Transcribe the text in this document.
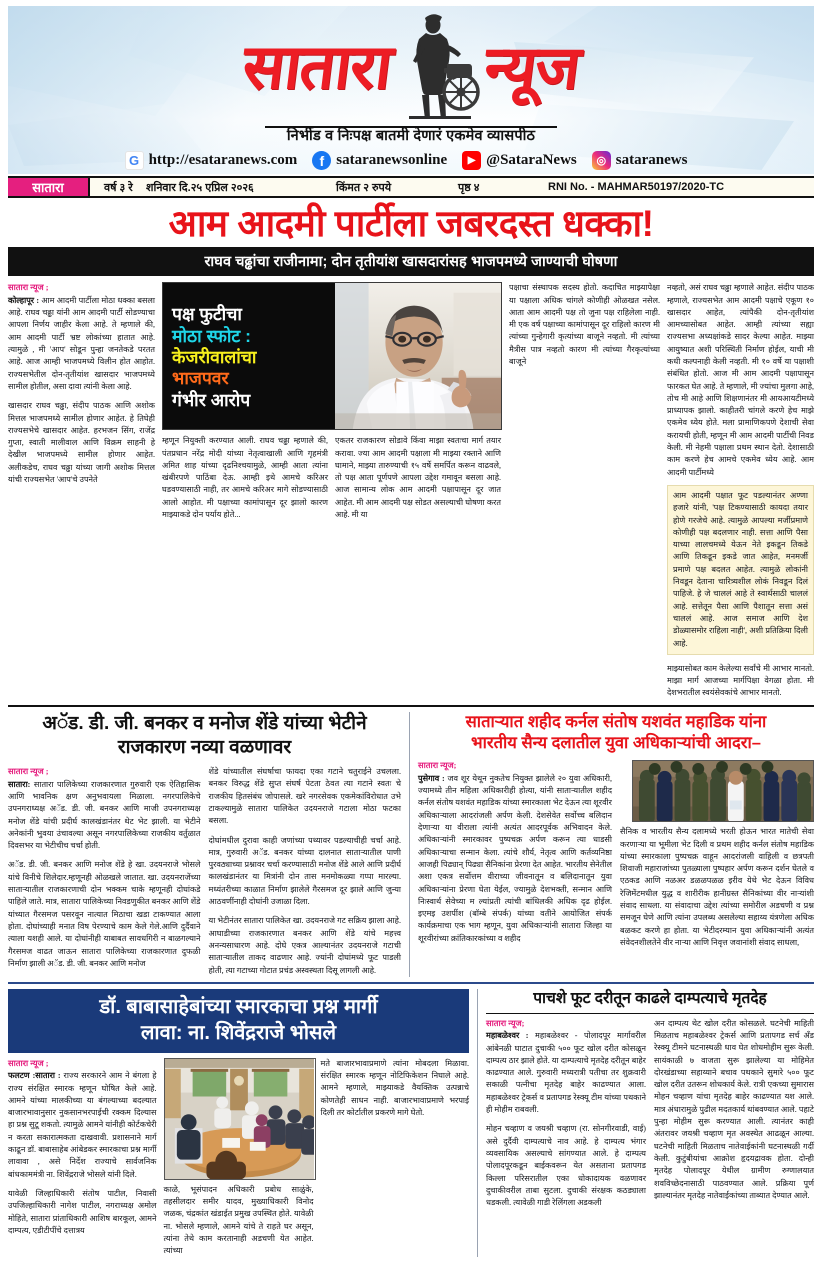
सातारा न्यूज
निर्भीड व निःपक्ष बातमी देणारं एकमेव व्यासपीठ
G http://esataranews.com	f sataranewsonline	▶ @SataraNews	◎ sataranews
सातारा	वर्ष ३ रे	शनिवार दि.२५ एप्रिल २०२६	किंमत २ रुपये	पृष्ठ ४	RNI No. - MAHMAR50197/2020-TC
आम आदमी पार्टीला जबरदस्त धक्का!
राघव चढ्ढांचा राजीनामा; दोन तृतीयांश खासदारांसह भाजपमध्ये जाण्याची घोषणा
सातारा न्यूज ;
कोल्हापूर : आम आदमी पार्टीला मोठा धक्का बसला आहे. राघव चढ्ढा यांनी आम आदमी पार्टी सोडण्याचा आपला निर्णय जाहीर केला आहे. ते म्हणाले की, आम आदमी पार्टी भ्रष्ट लोकांच्या हातात आहे. त्यामुळे , मी 'आप' सोडून पुन्हा जनतेकडे परतत आहे. आज आम्ही भाजपमध्ये विलीन होत आहोत. राज्यसभेतील दोन-तृतीयांश खासदार भाजपमध्ये सामील होतील, असा दावा त्यांनी केला आहे.
खासदार राघव चढ्ढा, संदीप पाठक आणि अशोक मित्तल भाजपमध्ये सामील होणार आहेत. हे तिघेही राज्यसभेचे खासदार आहेत. हरभजन सिंग, राजेंद्र गुप्ता, स्वाती मालीवाल आणि विक्रम साहनी हे देखील भाजपमध्ये सामील होणार आहेत. अलीकडेच, राघव चढ्ढा यांच्या जागी अशोक मित्तल यांची राज्यसभेत 'आप'चे उपनेते
पक्ष फुटीचा
मोठा स्फोट :
केजरीवालांचा
भाजपवर
गंभीर आरोप
म्हणून नियुक्ती करण्यात आली. राघव चढ्ढा म्हणाले की, पंतप्रधान नरेंद्र मोदी यांच्या नेतृत्वाखाली आणि गृहमंत्री अमित शाह यांच्या दृढनिश्चयामुळे, आम्ही आता त्यांना खंबीरपणे पाठिंबा देऊ. आम्ही इथे आमचे करिअर घडवण्यासाठी नाही, तर आमचे करिअर मागे सोडण्यासाठी आलो आहोत. मी पक्षाच्या कामांपासून दूर झालो कारण माझ्याकडे दोन पर्याय होते...
एकतर राजकारण सोडावे किंवा माझा स्वतःचा मार्ग तयार करावा. ज्या आम आदमी पक्षाला मी माझ्या रक्ताने आणि घामाने, माझ्या तारुण्याची १५ वर्षे समर्पित करून वाढवले, तो पक्ष आता पूर्णपणे आपला उद्देश गमावून बसला आहे. आज सामान्य लोक आम आदमी पक्षापासून दूर जात आहेत. मी आम आदमी पक्ष सोडत असल्याची घोषणा करत आहे. मी या
पक्षाचा संस्थापक सदस्य होतो. कदाचित माझ्यापेक्षा या पक्षाला अधिक चांगले कोणीही ओळखत नसेल. आता आम आदमी पक्ष तो जुना पक्ष राहिलेला नाही. मी एक वर्ष पक्षाच्या कामांपासून दूर राहिलो कारण मी त्यांच्या गुन्हेगारी कृत्यांच्या बाजूने नव्हतो. मी त्यांच्या मैत्रीस पात्र नव्हतो कारण मी त्यांच्या गैरकृत्यांच्या बाजूने
नव्हतो, असं राघव चढ्ढा म्हणाले आहेत. संदीप पाठक म्हणाले, राज्यसभेत आम आदमी पक्षाचे एकूण १० खासदार आहेत, त्यांपैकी दोन-तृतीयांश आमच्यासोबत आहेत. आम्ही त्यांच्या सह्या राज्यसभा अध्यक्षांकडे सादर केल्या आहेत. माझ्या आयुष्यात अशी परिस्थिती निर्माण होईल, याची मी कधी कल्पनाही केली नव्हती. मी १० वर्षे या पक्षाशी संबंधित होतो. आज मी आम आदमी पक्षापासून फारकत घेत आहे. ते म्हणाले, मी ज्यांचा मुलगा आहे, तोच मी आहे आणि शिक्षणानंतर मी आयआयटीमध्ये प्राध्यापक झालो. काहीतरी चांगले करणे हेच माझे एकमेव ध्येय होते. मला प्रामाणिकपणे देशाची सेवा करायची होती, म्हणून मी आम आदमी पार्टीची निवड केली. मी नेहमी पक्षाला प्रथम स्थान देतो. देशासाठी काम करणे हेच आमचे एकमेव ध्येय आहे. आम आदमी पार्टीमध्ये
आम आदमी पक्षात फूट पडल्यानंतर अण्णा हजारे यांनी, 'पक्ष टिकण्यासाठी कायदा तयार होणे गरजेचे आहे. त्यामुळे आपल्या मर्जीप्रमाणे कोणीही पक्ष बदलणार नाही. सत्ता आणि पैसा याच्या लालचमध्ये येऊन नेते इकडून तिकडे आणि तिकडून इकडे जात आहेत, मनमर्जी प्रमाणे पक्ष बदलत आहेत. त्यामुळे लोकांनी निवडून देताना चारित्र्यशील लोकं निवडून दिलं पाहिजे. हे जे चाललं आहे ते स्वार्थसाठी चाललं आहे. सत्तेतून पैसा आणि पैशातून सत्ता असं चाललं आहे. आज समाज आणि देश डोळ्यासमोर राहिला नाही', अशी प्रतिक्रिया दिली आहे.
माझ्यासोबत काम केलेल्या सर्वांचे मी आभार मानतो. माझा मार्ग आजच्या मार्गपिक्षा वेगळा होता. मी देशभरातील स्वयंसेवकांचे आभार मानतो.
अॅड. डी. जी. बनकर व मनोज शेंडे यांच्या भेटीने
राजकारण नव्या वळणावर
सातारा न्यूज ;
सातारा: सातारा पालिकेच्या राजकारणात गुरुवारी एक ऐतिहासिक आणि भावनिक क्षण अनुभवायला मिळाला. नगरपालिकेचे उपनगराध्यक्ष अॅड. डी. जी. बनकर आणि माजी उपनगराध्यक्ष मनोज शेंडे यांची प्रदीर्घ कालखंडानंतर थेट भेट झाली. या भेटीने अनेकांनी भुवया उंचावल्या असून नगरपालिकेच्या राजकीय वर्तुळात दिवसभर या भेटीचीच चर्चा होती.
अॅड. डी. जी. बनकर आणि मनोज शेंडे हे खा. उदयनराजे भोसले यांचे विनीचे शिलेदार.म्हणूनही ओळखले जातात. खा. उदयनराजेंच्या साताऱ्यातील राजकारणाची दोन भक्कम चाके म्हणूनही दोघांकडे पाहिले जाते. मात्र, सातारा पालिकेच्या निवडणुकीत बनकर आणि शेंडे यांच्यात गैरसमज पसरवून नात्यात मिठाचा खडा टाकण्यात आला होता. दोघांच्याही मनात विष पेरण्याचे काम केले गेले.आणि दुर्दैवाने त्याला यशही आले. या दोघांनीही याबाबत सावधगिरी न बाळगल्याने गैरसमज वाढत जाऊन सातारा पालिकेच्या राजकारणात दुफळी निर्माण झाली अॅड. डी. जी. बनकर आणि मनोज
शेंडे यांच्यातील संघर्षाचा फायदा एका गटाने चतुराईने उचलला. बनकर विरुद्ध शेंडे सुप्त संघर्ष पेटता ठेवत त्या गटाने स्वतः चे राजकीय हितसंबंध जोपासले. खरे नगरसेवक एकमेकांविरोधात उभे टाकल्यामुळे सातारा पालिकेत उदयनराजे गटाला मोठा फटका बसला.
दोघांमधील दुरावा काही जणांच्या पथ्यावर पडल्याचीही चर्चा आहे. मात्र, गुरुवारी अॅड. बनकर यांच्या दालनात साताऱ्यातील पाणी पुरवठ्याच्या प्रश्नावर चर्चा करण्यासाठी मनोज शेंडे आले आणि प्रदीर्घ कालखंडानंतर या मित्रांनी दोन तास मनमोकळ्या गप्पा मारल्या. मध्यंतरीच्या काळात निर्माण झालेले गैरसमज दूर झाले आणि जुन्या आठवणींनाही दोघांनी उजाळा दिला.
या भेटीनंतर सातारा पालिकेत खा. उदयनराजे गट सक्रिय झाला आहे. आघाडीच्या राजकारणात बनकर आणि शेंडे यांचे महत्त्व अनन्यसाधारण आहे. दोघे एकत्र आल्यानंतर उदयनराजे गटाची साताऱ्यातील ताकद वाढणार आहे. ज्यांनी दोघांमध्ये फूट पाडली होती, त्या गटाच्या गोटात प्रचंड अस्वस्थता दिसू लागली आहे.
साताऱ्यात शहीद कर्नल संतोष यशवंत महाडिक यांना
भारतीय सैन्य दलातील युवा अधिकाऱ्यांची आदरा–
सातारा न्यूज;
पुसेगाव : जव शूर येथून नुकतेच नियुक्त झालेले २० युवा अधिकारी, ज्यामध्ये तीन महिला अधिकारीही होत्या, यांनी साताऱ्यातील शहीद कर्नल संतोष यशवंत महाडिक यांच्या स्मारकाला भेट देऊन त्या शूरवीर अधिकाऱ्याला आदरांजली अर्पण केली. देशसेवेत सर्वोच्च बलिदान देणाऱ्या या वीराला त्यांनी अत्यंत आदरपूर्वक अभिवादन केले. अधिकाऱ्यांनी स्मारकावर पुष्पचक्र अर्पण करून त्या धाडसी अधिकाऱ्याचा सन्मान केला. त्यांचे शौर्य, नेतृत्व आणि कर्तव्यनिष्ठा आजही पिढ्यान् पिढ्या सैनिकांना प्रेरणा देत आहेत. भारतीय सेनेतील अशा एकत्र सर्वोत्तम वीराच्या जीवनातून व बलिदानातून युवा अधिकाऱ्यांना प्रेरणा घेता येईल, ज्यामुळे देशभक्ती, सन्मान आणि निःस्वार्थ सेवेच्या म ल्यांप्रती त्यांची बांधिलकी अधिक दृढ होईल. इएमइ उशपींश (बॉम्बे संपर्क) यांच्या वतीने आयोजित संपर्क कार्यक्रमाचा एक भाग म्हणून, युवा अधिकाऱ्यांनी सातारा जिल्हा या शूरवीरांच्या क्रांतिकारकांच्या व शहीद
सैनिक व भारतीय सैन्य दलामध्ये भरती होऊन भारत मातेची सेवा करणाऱ्या या भूमीला भेट दिली व प्रथम शहीद कर्नल संतोष महाडिक यांच्या स्मारकाला पुष्पचक्र वाहून आदरांजली वाहिली व छत्रपती शिवाजी महाराजांच्या पुतळ्याला पुष्पहार अर्पण करून दर्शन घेतले व एठकड आणि नळअर डळळपळळ इरीव येथे भेट देऊन विविध रेजिमेंटमधील युद्ध व शारीरीक हानीग्रस्त सैनिकांच्या वीर नाऱ्यांशी संवाद साधला. या संवादाचा उद्देश त्यांच्या समोरील अडचणी व प्रश्न समजून घेणे आणि त्यांना उपलब्ध असलेल्या सहाय्य यंत्रणेला अधिक बळकट करणे हा होता. या भेटीदरम्यान युवा अधिकाऱ्यांनी अत्यंत संवेदनशीलतेने वीर नाऱ्या आणि निवृत्त जवानांशी संवाद साधला,
डॉ. बाबासाहेबांच्या स्मारकाचा प्रश्न मार्गी
लावा: ना. शिवेंद्रराजे भोसले
सातारा न्यूज ;
फलटण :सातारा : राज्य सरकारने आम ने बंगला हे राज्य संरक्षित स्मारक म्हणून घोषित केले आहे. आमने यांच्या मालकीच्या या बंगल्याच्या बदल्यात बाजारभावानुसार नुकसानभरपाईची रक्कम दिल्यास हा प्रश्न सुटू शकतो. त्यामुळे आमने यांनीही कोर्टकचेरी न करता सकारात्मकता दाखवावी. प्रशासनाने मार्ग काढून डॉ. बाबासाहेब आंबेडकर स्मारकाचा प्रश्न मार्गी लावावा , असे निर्देश राज्याचे सार्वजनिक बांधकाममंत्री ना. शिवेंद्रराजे भोसले यांनी दिले.
यावेळी जिल्हाधिकारी संतोष पाटील, निवासी उपजिल्हाधिकारी नागेश पाटील, नगराध्यक्ष अमोल मोहिते, सातारा प्रांताधिकारी आशिष बारकूल, आमने दाम्पत्य, एडीटीपींचे दत्तात्रय
काळे, भूसंपादन अधिकारी प्रबोध साळुंके, तहसीलदार समीर यादव, मुख्याधिकारी विनोद जळक, चंद्रकांत खंडाईत प्रमुख उपस्थित होते. यावेळी ना. भोसले म्हणाले, आमने यांचे ते राहते घर असून, त्यांना तेथे काम करतानाही अडचणी येत आहेत. त्यांच्या
मते बाजारभावाप्रमाणे त्यांना मोबदला मिळावा. संरक्षित स्मारक म्हणून नोटिफिकेशन निघाले आहे. आमने म्हणाले, माझ्याकडे वैयक्तिक उत्पन्नाचे कोणतेही साधन नाही. बाजारभावाप्रमाणे भरपाई दिली तर कोर्टातील प्रकरणे मागे घेतो.
पाचशे फूट दरीतून काढले दाम्पत्याचे मृतदेह
सातारा न्यूज;
महाबळेश्वर : महाबळेश्वर - पोलादपूर मार्गावरील आंबेनळी घाटात दुचाकी ५०० फूट खोल दरीत कोसळून दाम्पत्य ठार झाले होते. या दाम्पत्याचे मृतदेह दरीतून बाहेर काढण्यात आले. गुरुवारी मध्यरात्री पतीचा तर शुक्रवारी सकाळी पत्नीचा मृतदेह बाहेर काढण्यात आला. महाबळेश्वर ट्रेकर्स व प्रतापगड रेस्क्यू टीम यांच्या पथकाने ही मोहीम राबवली.
मोहन चव्हाण व जयश्री चव्हाण (रा. सोनगीरवाडी, वाई) असे दुर्दैवी दाम्पत्याचे नाव आहे. हे दाम्पत्य भंगार व्यवसायिक असल्याचे सांगण्यात आले. हे दाम्पत्य पोलादपूरकडून बाईकवरून येत असताना प्रतापगड किल्ला परिसरातील एका धोकादायक वळणावर दुचाकीवरील ताबा सुटला. दुचाकी संरक्षक कठड्याला धडकली. त्यावेळी गाडी रेलिंगला अडकली
अन दाम्पत्य थेट खोल दरीत कोसळले. घटनेची माहिती मिळताच महाबळेश्वर ट्रेकर्स आणि प्रतापगड सर्च अँड रेस्क्यू टीमने घटनास्थळी धाव घेत शोधमोहीम सुरू केली. सायंकाळी ७ वाजता सुरू झालेल्या या मोहिमेत दोरखंडाच्या सहाय्याने बचाव पथकाने सुमारे ५०० फूट खोल दरीत उतरून शोधकार्य केले. रात्री एकच्या सुमारास मोहन चव्हाण यांचा मृतदेह बाहेर काढण्यात यश आले. मात्र अंधारामुळे पुढील मदतकार्य थांबवण्यात आले. पहाटे पुन्हा मोहीम सुरू करण्यात आली. त्यानंतर काही अंतरावर जयश्री चव्हाण मृत अवस्थेत आढळून आल्या. घटनेची माहिती मिळताच नातेवाईकांनी घटनास्थळी गर्दी केली. कुटुंबीयांचा आक्रोश हृदयद्रावक होता. दोन्ही मृतदेह पोलादपूर येथील ग्रामीण रुग्णालयात शवविच्छेदनासाठी पाठवण्यात आले. प्रक्रिया पूर्ण झाल्यानंतर मृतदेह नातेवाईकांच्या ताब्यात देण्यात आले.
